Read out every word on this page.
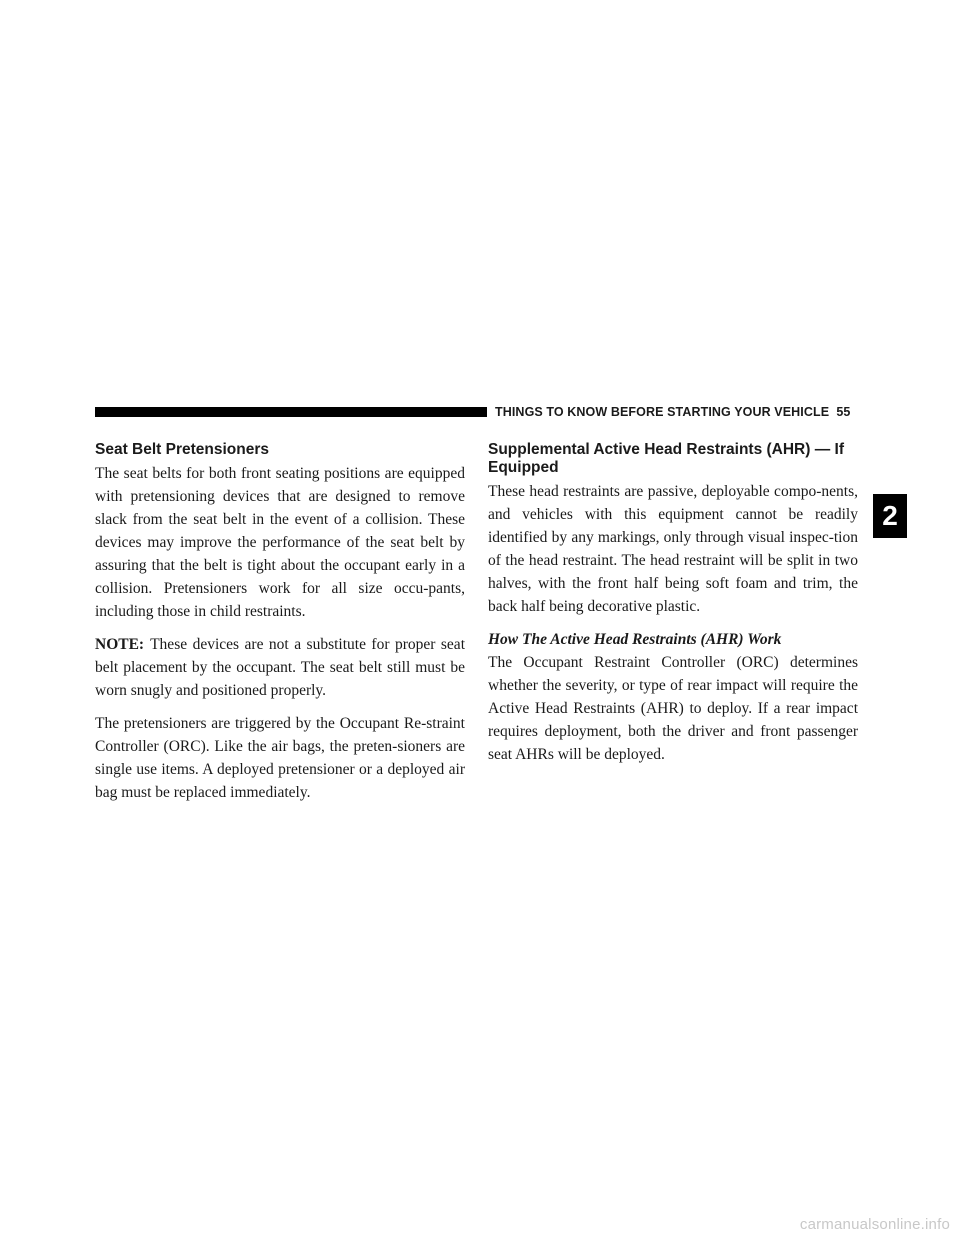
THINGS TO KNOW BEFORE STARTING YOUR VEHICLE 55
Seat Belt Pretensioners

The seat belts for both front seating positions are equipped with pretensioning devices that are designed to remove slack from the seat belt in the event of a collision. These devices may improve the performance of the seat belt by assuring that the belt is tight about the occupant early in a collision. Pretensioners work for all size occu-pants, including those in child restraints.

NOTE: These devices are not a substitute for proper seat belt placement by the occupant. The seat belt still must be worn snugly and positioned properly.

The pretensioners are triggered by the Occupant Re-straint Controller (ORC). Like the air bags, the preten-sioners are single use items. A deployed pretensioner or a deployed air bag must be replaced immediately.

Supplemental Active Head Restraints (AHR) — If Equipped

These head restraints are passive, deployable compo-nents, and vehicles with this equipment cannot be readily identified by any markings, only through visual inspec-tion of the head restraint. The head restraint will be split in two halves, with the front half being soft foam and trim, the back half being decorative plastic.

How The Active Head Restraints (AHR) Work

The Occupant Restraint Controller (ORC) determines whether the severity, or type of rear impact will require the Active Head Restraints (AHR) to deploy. If a rear impact requires deployment, both the driver and front passenger seat AHRs will be deployed.

2
carmanualsonline.info
